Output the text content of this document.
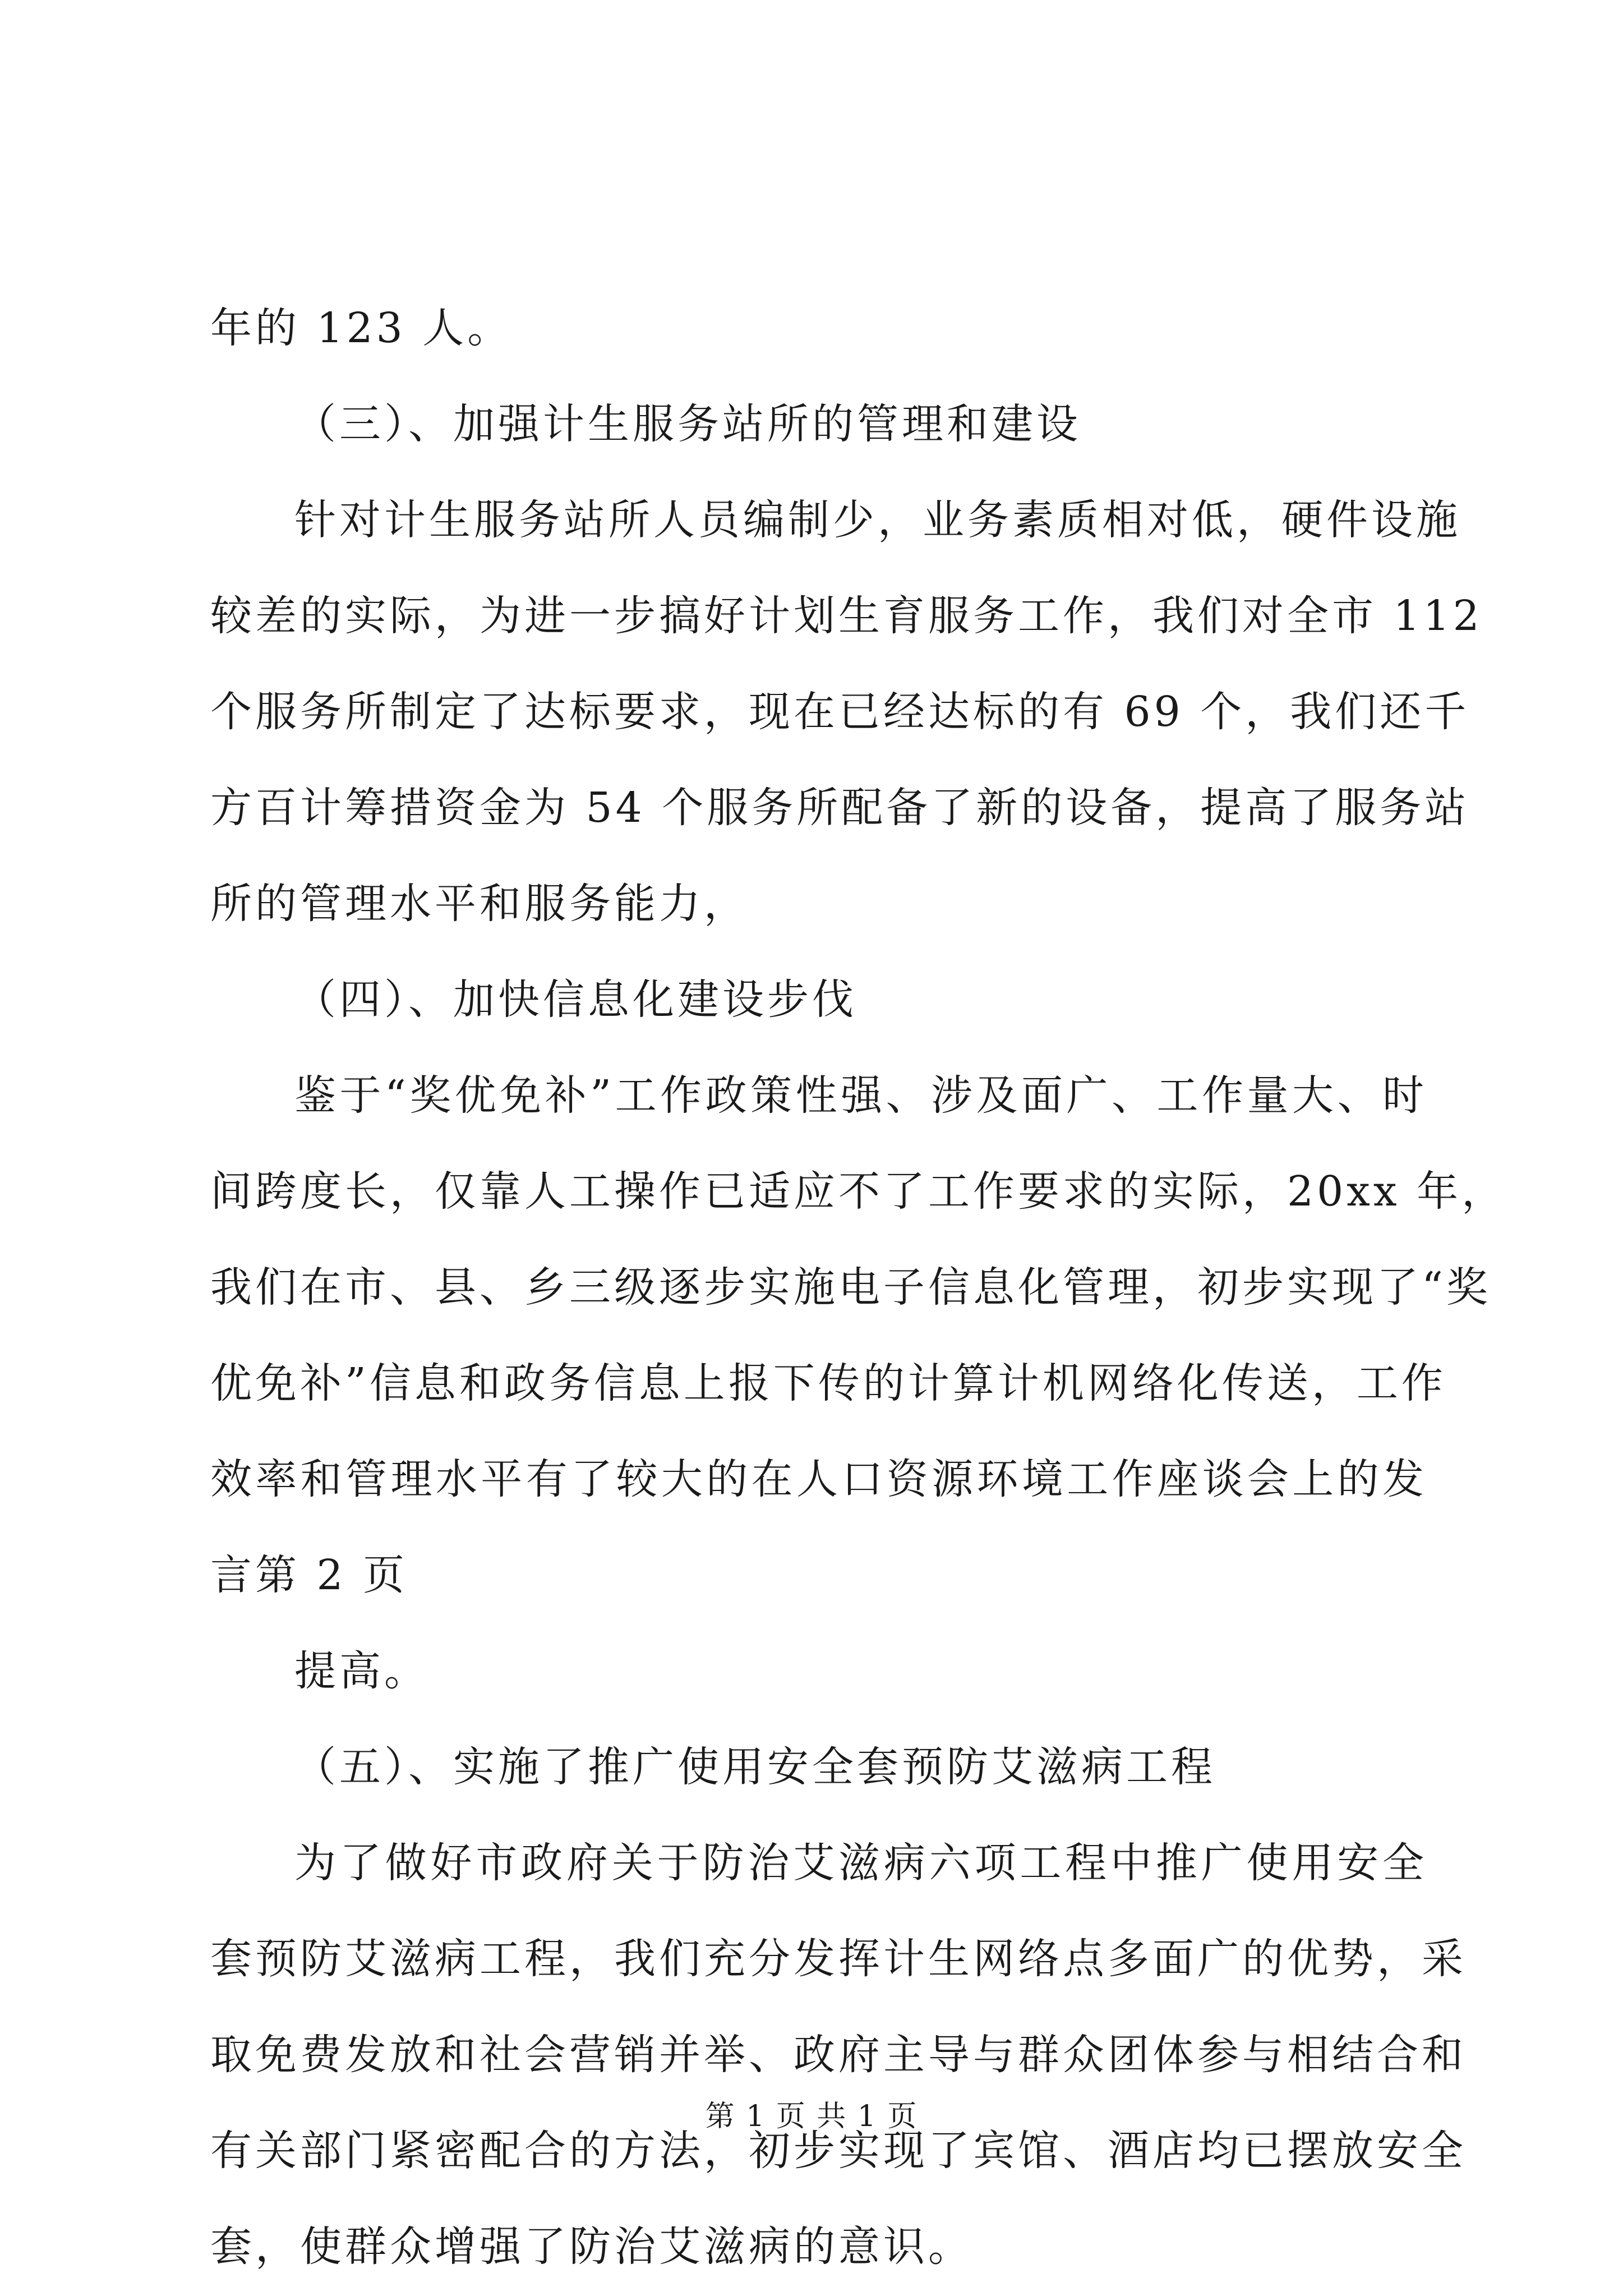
年的 123 人。
（三）、加强计生服务站所的管理和建设
针对计生服务站所人员编制少，业务素质相对低，硬件设施
较差的实际，为进一步搞好计划生育服务工作，我们对全市 112
个服务所制定了达标要求，现在已经达标的有 69 个，我们还千
方百计筹措资金为 54 个服务所配备了新的设备，提高了服务站
所的管理水平和服务能力，
（四）、加快信息化建设步伐
鉴于“奖优免补”工作政策性强、涉及面广、工作量大、时
间跨度长，仅靠人工操作已适应不了工作要求的实际，20xx 年，
我们在市、县、乡三级逐步实施电子信息化管理，初步实现了“奖
优免补”信息和政务信息上报下传的计算计机网络化传送，工作
效率和管理水平有了较大的在人口资源环境工作座谈会上的发
言第 2 页
提高。
（五）、实施了推广使用安全套预防艾滋病工程
为了做好市政府关于防治艾滋病六项工程中推广使用安全
套预防艾滋病工程，我们充分发挥计生网络点多面广的优势，采
取免费发放和社会营销并举、政府主导与群众团体参与相结合和
有关部门紧密配合的方法，初步实现了宾馆、酒店均已摆放安全
套，使群众增强了防治艾滋病的意识。
第 1 页 共 1 页
